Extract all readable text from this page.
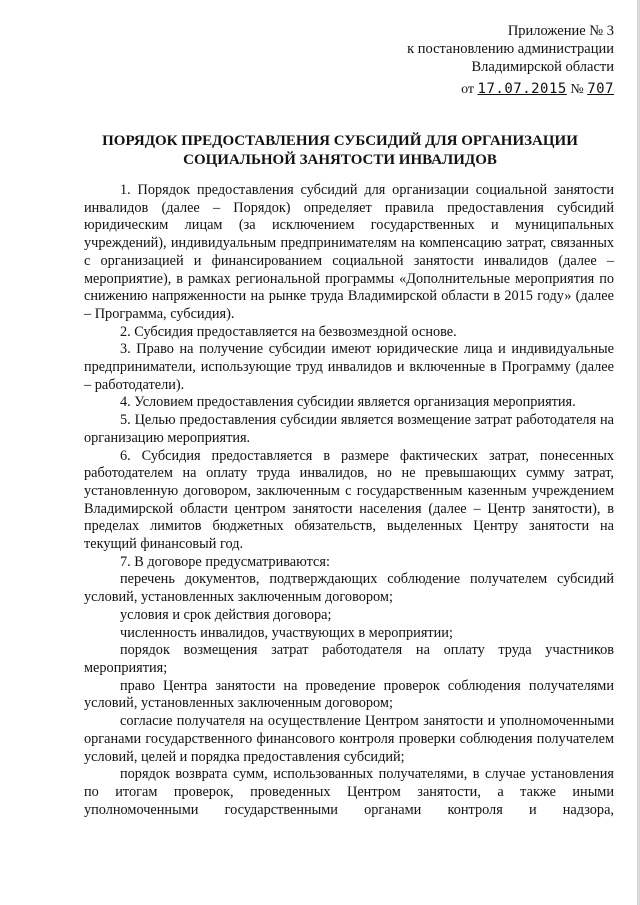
Приложение № 3
к постановлению администрации
Владимирской области
от 17.07.2015 № 707
ПОРЯДОК ПРЕДОСТАВЛЕНИЯ СУБСИДИЙ ДЛЯ ОРГАНИЗАЦИИ
СОЦИАЛЬНОЙ ЗАНЯТОСТИ ИНВАЛИДОВ

1. Порядок предоставления субсидий для организации социальной занятости инвалидов (далее – Порядок) определяет правила предоставления субсидий юридическим лицам (за исключением государственных и муниципальных учреждений), индивидуальным предпринимателям на компенсацию затрат, связанных с организацией и финансированием социальной занятости инвалидов (далее – мероприятие), в рамках региональной программы «Дополнительные мероприятия по снижению напряженности на рынке труда Владимирской области в 2015 году» (далее – Программа, субсидия).

2. Субсидия предоставляется на безвозмездной основе.

3. Право на получение субсидии имеют юридические лица и индивидуальные предприниматели, использующие труд инвалидов и включенные в Программу (далее – работодатели).

4. Условием предоставления субсидии является организация мероприятия.

5. Целью предоставления субсидии является возмещение затрат работодателя на организацию мероприятия.

6. Субсидия предоставляется в размере фактических затрат, понесенных работодателем на оплату труда инвалидов, но не превышающих сумму затрат, установленную договором, заключенным с государственным казенным учреждением Владимирской области центром занятости населения (далее – Центр занятости), в пределах лимитов бюджетных обязательств, выделенных Центру занятости на текущий финансовый год.

7. В договоре предусматриваются:

перечень документов, подтверждающих соблюдение получателем субсидий условий, установленных заключенным договором;

условия и срок действия договора;

численность инвалидов, участвующих в мероприятии;

порядок возмещения затрат работодателя на оплату труда участников мероприятия;

право Центра занятости на проведение проверок соблюдения получателями условий, установленных заключенным договором;

согласие получателя на осуществление Центром занятости и уполномоченными органами государственного финансового контроля проверки соблюдения получателем условий, целей и порядка предоставления субсидий;

порядок возврата сумм, использованных получателями, в случае установления по итогам проверок, проведенных Центром занятости, а также иными уполномоченными государственными органами контроля и надзора,
